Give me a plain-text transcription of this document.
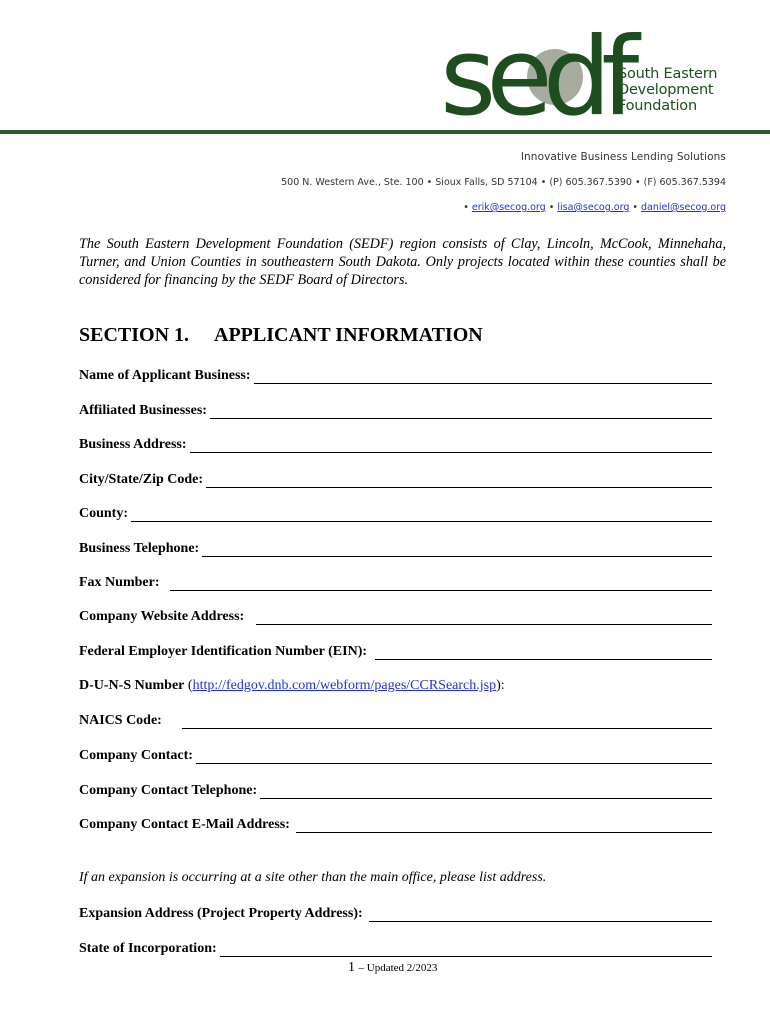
sedf
South Eastern
Development
Foundation
Innovative Business Lending Solutions
500 N. Western Ave., Ste. 100 • Sioux Falls, SD 57104 • (P) 605.367.5390 • (F) 605.367.5394
• erik@secog.org • lisa@secog.org • daniel@secog.org
The South Eastern Development Foundation (SEDF) region consists of Clay, Lincoln, McCook, Minnehaha, Turner, and Union Counties in southeastern South Dakota. Only projects located within these counties shall be considered for financing by the SEDF Board of Directors.
SECTION 1. APPLICANT INFORMATION
Name of Applicant Business:
Affiliated Businesses:
Business Address:
City/State/Zip Code:
County:
Business Telephone:
Fax Number:
Company Website Address:
Federal Employer Identification Number (EIN):
D-U-N-S Number (http://fedgov.dnb.com/webform/pages/CCRSearch.jsp):
NAICS Code:
Company Contact:
Company Contact Telephone:
Company Contact E-Mail Address:
If an expansion is occurring at a site other than the main office, please list address.
Expansion Address (Project Property Address):
State of Incorporation:
1 – Updated 2/2023
